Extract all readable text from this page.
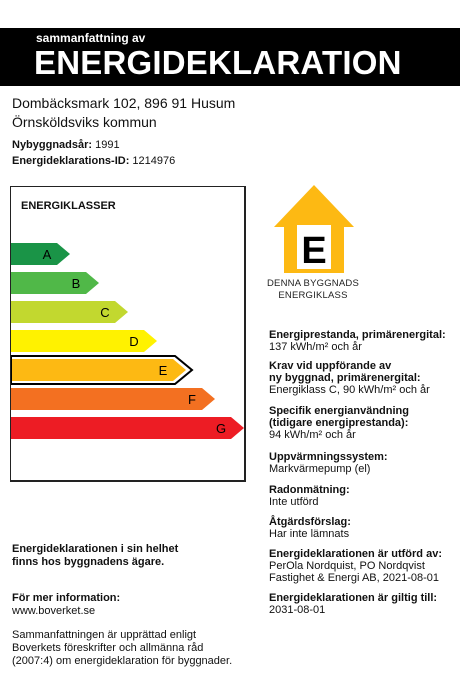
sammanfattning av
ENERGIDEKLARATION
Dombäcksmark 102, 896 91 Husum
Örnsköldsviks kommun
Nybyggnadsår: 1991
Energideklarations-ID: 1214976
ENERGIKLASSER
A
B
C
D
E
F
G
E
DENNA BYGGNADS
ENERGIKLASS
Energiprestanda, primärenergital:
137 kWh/m² och år
Krav vid uppförande av
ny byggnad, primärenergital:
Energiklass C, 90 kWh/m² och år
Specifik energianvändning
(tidigare energiprestanda):
94 kWh/m² och år
Uppvärmningssystem:
Markvärmepump (el)
Radonmätning:
Inte utförd
Åtgärdsförslag:
Har inte lämnats
Energideklarationen är utförd av:
PerOla Nordquist, PO Nordqvist
Fastighet & Energi AB, 2021-08-01
Energideklarationen är giltig till:
2031-08-01
Energideklarationen i sin helhet
finns hos byggnadens ägare.
För mer information:
www.boverket.se
Sammanfattningen är upprättad enligt
Boverkets föreskrifter och allmänna råd
(2007:4) om energideklaration för byggnader.
